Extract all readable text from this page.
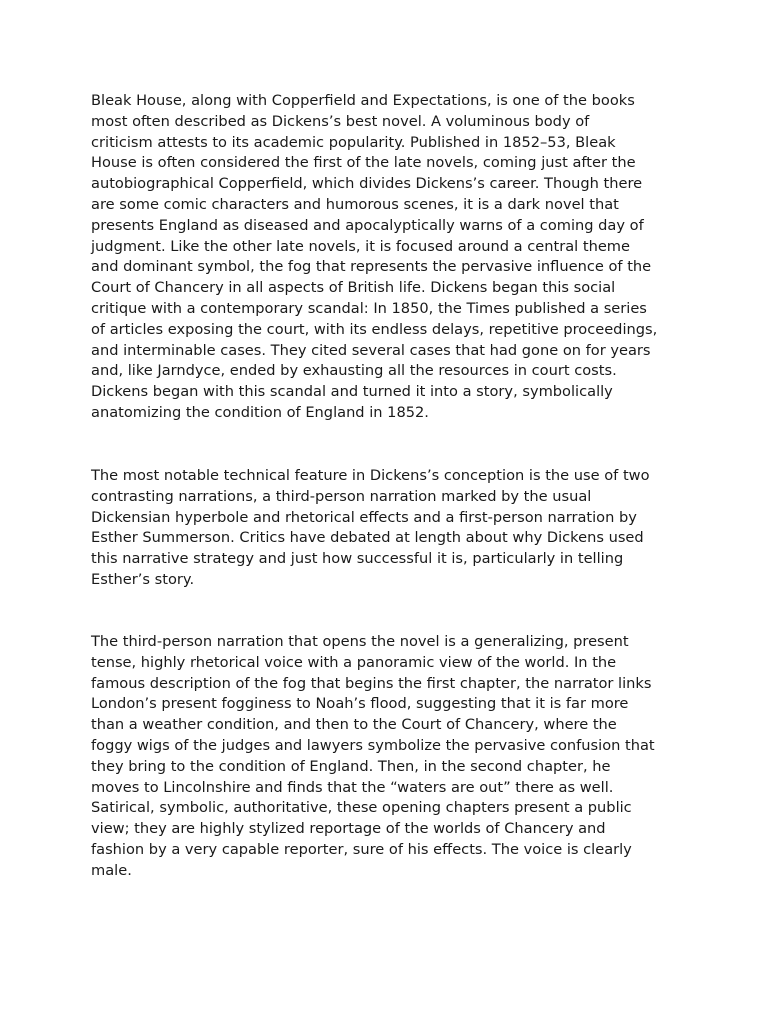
Bleak House, along with Copperfield and Expectations, is one of the books
most often described as Dickens’s best novel. A voluminous body of
criticism attests to its academic popularity. Published in 1852–53, Bleak
House is often considered the first of the late novels, coming just after the
autobiographical Copperfield, which divides Dickens’s career. Though there
are some comic characters and humorous scenes, it is a dark novel that
presents England as diseased and apocalyptically warns of a coming day of
judgment. Like the other late novels, it is focused around a central theme
and dominant symbol, the fog that represents the pervasive influence of the
Court of Chancery in all aspects of British life. Dickens began this social
critique with a contemporary scandal: In 1850, the Times published a series
of articles exposing the court, with its endless delays, repetitive proceedings,
and interminable cases. They cited several cases that had gone on for years
and, like Jarndyce, ended by exhausting all the resources in court costs.
Dickens began with this scandal and turned it into a story, symbolically
anatomizing the condition of England in 1852.

The most notable technical feature in Dickens’s conception is the use of two
contrasting narrations, a third-person narration marked by the usual
Dickensian hyperbole and rhetorical effects and a first-person narration by
Esther Summerson. Critics have debated at length about why Dickens used
this narrative strategy and just how successful it is, particularly in telling
Esther’s story.

The third-person narration that opens the novel is a generalizing, present
tense, highly rhetorical voice with a panoramic view of the world. In the
famous description of the fog that begins the first chapter, the narrator links
London’s present fogginess to Noah’s flood, suggesting that it is far more
than a weather condition, and then to the Court of Chancery, where the
foggy wigs of the judges and lawyers symbolize the pervasive confusion that
they bring to the condition of England. Then, in the second chapter, he
moves to Lincolnshire and finds that the “waters are out” there as well.
Satirical, symbolic, authoritative, these opening chapters present a public
view; they are highly stylized reportage of the worlds of Chancery and
fashion by a very capable reporter, sure of his effects. The voice is clearly
male.
